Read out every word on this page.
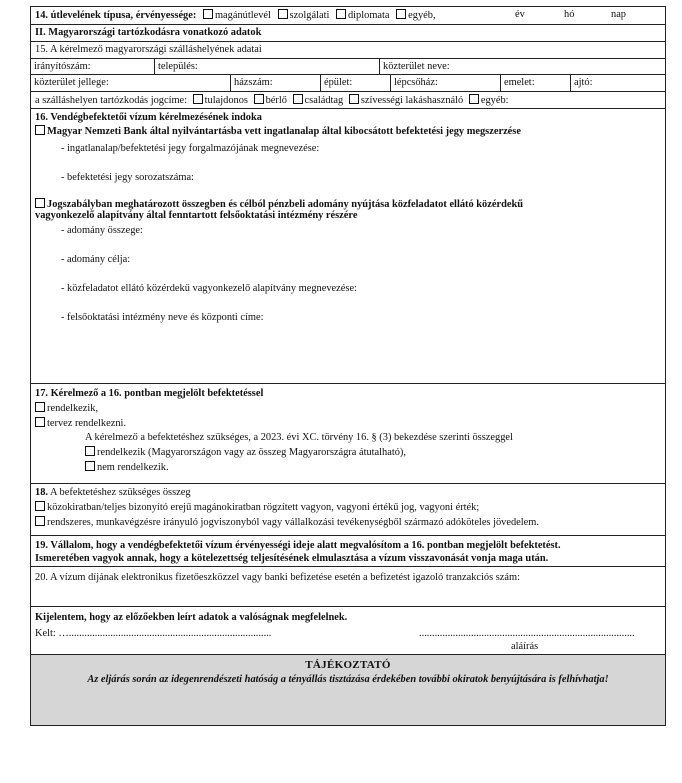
14. útlevelének típusa, érvényessége: magánútlevél szolgálati diplomata egyéb,	év	hó	nap
II. Magyarországi tartózkodásra vonatkozó adatok
15. A kérelmező magyarországi szálláshelyének adatai
irányítószám:	település:	közterület neve:
közterület jellege:	házszám:	épület:	lépcsőház:	emelet:	ajtó:
a szálláshelyen tartózkodás jogcíme: tulajdonos bérlő családtag szívességi lakáshasználó egyéb:
16. Vendégbefektetői vízum kérelmezésének indoka
Magyar Nemzeti Bank által nyilvántartásba vett ingatlanalap által kibocsátott befektetési jegy megszerzése
- ingatlanalap/befektetési jegy forgalmazójának megnevezése:
- befektetési jegy sorozatszáma:
Jogszabályban meghatározott összegben és célból pénzbeli adomány nyújtása közfeladatot ellátó közérdekű
vagyonkezelő alapítvány által fenntartott felsőoktatási intézmény részére
- adomány összege:
- adomány célja:
- közfeladatot ellátó közérdekű vagyonkezelő alapítvány megnevezése:
- felsőoktatási intézmény neve és központi címe:
17. Kérelmező a 16. pontban megjelölt befektetéssel
rendelkezik,
tervez rendelkezni.
A kérelmező a befektetéshez szükséges, a 2023. évi XC. törvény 16. § (3) bekezdése szerinti összeggel
rendelkezik (Magyarországon vagy az összeg Magyarországra átutalható),
nem rendelkezik.
18. A befektetéshez szükséges összeg
közokiratban/teljes bizonyító erejű magánokiratban rögzített vagyon, vagyoni értékű jog, vagyoni érték;
rendszeres, munkavégzésre irányuló jogviszonyból vagy vállalkozási tevékenységből származó adóköteles jövedelem.
19. Vállalom, hogy a vendégbefektetői vízum érvényességi ideje alatt megvalósítom a 16. pontban megjelölt befektetést.
Ismeretében vagyok annak, hogy a kötelezettség teljesítésének elmulasztása a vízum visszavonását vonja maga után.
20. A vízum díjának elektronikus fizetőeszközzel vagy banki befizetése esetén a befizetést igazoló tranzakciós szám:
Kijelentem, hogy az előzőekben leírt adatok a valóságnak megfelelnek.
Kelt: …..............................................................................	...................................................................................
aláírás
TÁJÉKOZTATÓ
Az eljárás során az idegenrendészeti hatóság a tényállás tisztázása érdekében további okiratok benyújtására is felhívhatja!
